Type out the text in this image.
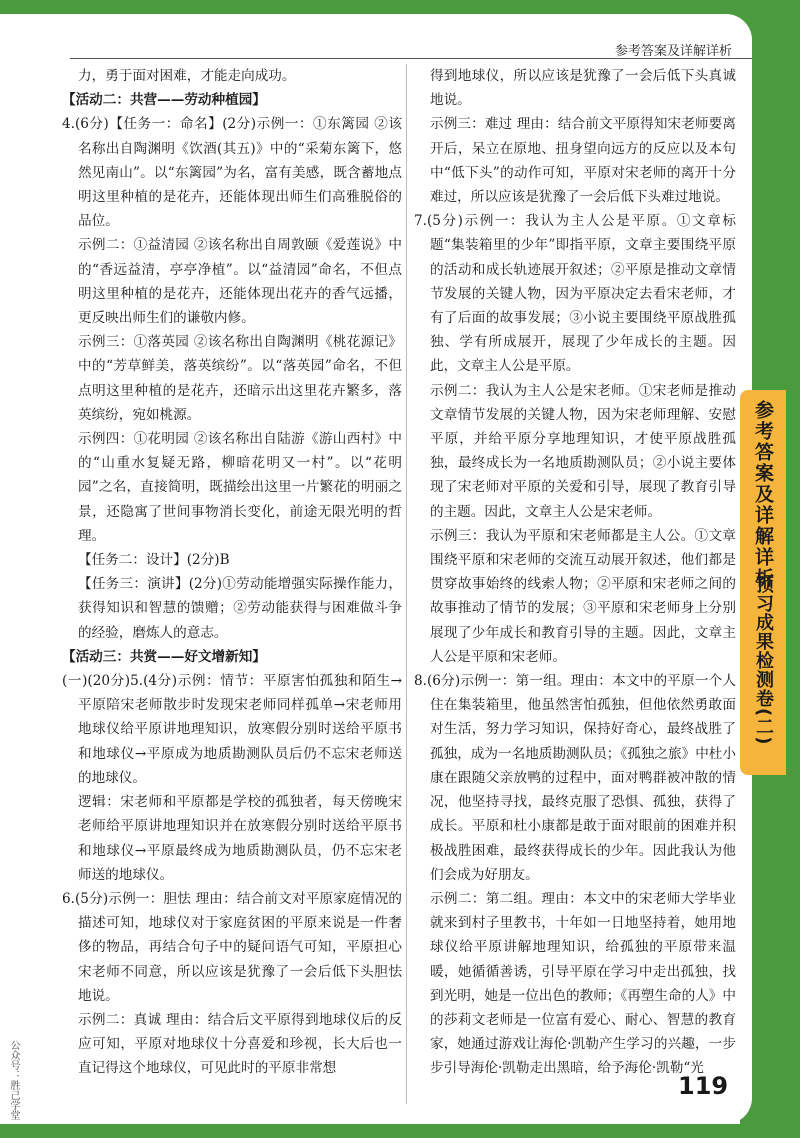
参考答案及详解详析
参考答案及详解详析
预习成果检测卷(二)

力，勇于面对困难，才能走向成功。

【活动二：共营——劳动种植园】

4.(6分)【任务一：命名】(2分)示例一：①东篱园 ②该名称出自陶渊明《饮酒(其五)》中的“采菊东篱下，悠然见南山”。以“东篱园”为名，富有美感，既含蓄地点明这里种植的是花卉，还能体现出师生们高雅脱俗的品位。

示例二：①益清园 ②该名称出自周敦颐《爱莲说》中的“香远益清，亭亭净植”。以“益清园”命名，不但点明这里种植的是花卉，还能体现出花卉的香气远播，更反映出师生们的谦敬内修。

示例三：①落英园 ②该名称出自陶渊明《桃花源记》中的“芳草鲜美，落英缤纷”。以“落英园”命名，不但点明这里种植的是花卉，还暗示出这里花卉繁多，落英缤纷，宛如桃源。

示例四：①花明园 ②该名称出自陆游《游山西村》中的“山重水复疑无路，柳暗花明又一村”。以“花明园”之名，直接简明，既描绘出这里一片繁花的明丽之景，还隐寓了世间事物消长变化，前途无限光明的哲理。

【任务二：设计】(2分)B

【任务三：演讲】(2分)①劳动能增强实际操作能力，获得知识和智慧的馈赠；②劳动能获得与困难做斗争的经验，磨炼人的意志。

【活动三：共赏——好文增新知】

(一)(20分)5.(4分)示例：情节：平原害怕孤独和陌生→平原陪宋老师散步时发现宋老师同样孤单→宋老师用地球仪给平原讲地理知识，放寒假分别时送给平原书和地球仪→平原成为地质勘测队员后仍不忘宋老师送的地球仪。

逻辑：宋老师和平原都是学校的孤独者，每天傍晚宋老师给平原讲地理知识并在放寒假分别时送给平原书和地球仪→平原最终成为地质勘测队员，仍不忘宋老师送的地球仪。

6.(5分)示例一：胆怯 理由：结合前文对平原家庭情况的描述可知，地球仪对于家庭贫困的平原来说是一件奢侈的物品，再结合句子中的疑问语气可知，平原担心宋老师不同意，所以应该是犹豫了一会后低下头胆怯地说。

示例二：真诚 理由：结合后文平原得到地球仪后的反应可知，平原对地球仪十分喜爱和珍视，长大后也一直记得这个地球仪，可见此时的平原非常想

得到地球仪，所以应该是犹豫了一会后低下头真诚地说。

示例三：难过 理由：结合前文平原得知宋老师要离开后，呆立在原地、扭身望向远方的反应以及本句中“低下头”的动作可知，平原对宋老师的离开十分难过，所以应该是犹豫了一会后低下头难过地说。

7.(5分)示例一：我认为主人公是平原。①文章标题“集装箱里的少年”即指平原，文章主要围绕平原的活动和成长轨迹展开叙述；②平原是推动文章情节发展的关键人物，因为平原决定去看宋老师，才有了后面的故事发展；③小说主要围绕平原战胜孤独、学有所成展开，展现了少年成长的主题。因此，文章主人公是平原。

示例二：我认为主人公是宋老师。①宋老师是推动文章情节发展的关键人物，因为宋老师理解、安慰平原，并给平原分享地理知识，才使平原战胜孤独，最终成长为一名地质勘测队员；②小说主要体现了宋老师对平原的关爱和引导，展现了教育引导的主题。因此，文章主人公是宋老师。

示例三：我认为平原和宋老师都是主人公。①文章围绕平原和宋老师的交流互动展开叙述，他们都是贯穿故事始终的线索人物；②平原和宋老师之间的故事推动了情节的发展；③平原和宋老师身上分别展现了少年成长和教育引导的主题。因此，文章主人公是平原和宋老师。

8.(6分)示例一：第一组。理由：本文中的平原一个人住在集装箱里，他虽然害怕孤独，但他依然勇敢面对生活，努力学习知识，保持好奇心，最终战胜了孤独，成为一名地质勘测队员；《孤独之旅》中杜小康在跟随父亲放鸭的过程中，面对鸭群被冲散的情况，他坚持寻找，最终克服了恐惧、孤独，获得了成长。平原和杜小康都是敢于面对眼前的困难并积极战胜困难，最终获得成长的少年。因此我认为他们会成为好朋友。

示例二：第二组。理由：本文中的宋老师大学毕业就来到村子里教书，十年如一日地坚持着，她用地球仪给平原讲解地理知识，给孤独的平原带来温暖，她循循善诱，引导平原在学习中走出孤独，找到光明，她是一位出色的教师；《再塑生命的人》中的莎莉文老师是一位富有爱心、耐心、智慧的教育家，她通过游戏让海伦·凯勒产生学习的兴趣，一步步引导海伦·凯勒走出黑暗，给予海伦·凯勒“光

119
公众号：胜己学堂
